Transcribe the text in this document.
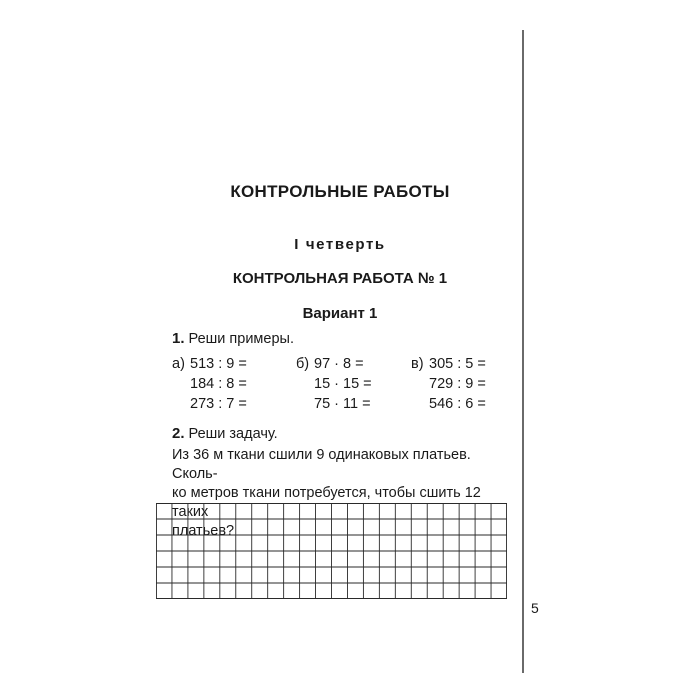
КОНТРОЛЬНЫЕ РАБОТЫ
I четверть
КОНТРОЛЬНАЯ РАБОТА № 1
Вариант 1
1. Реши примеры.
а) 513 : 9 =
184 : 8 =
273 : 7 =
б) 97 · 8 =
15 · 15 =
75 · 11 =
в) 305 : 5 =
729 : 9 =
546 : 6 =
2. Реши задачу.
Из 36 м ткани сшили 9 одинаковых платьев. Сколь-
ко метров ткани потребуется, чтобы сшить 12 таких
платьев?
5
